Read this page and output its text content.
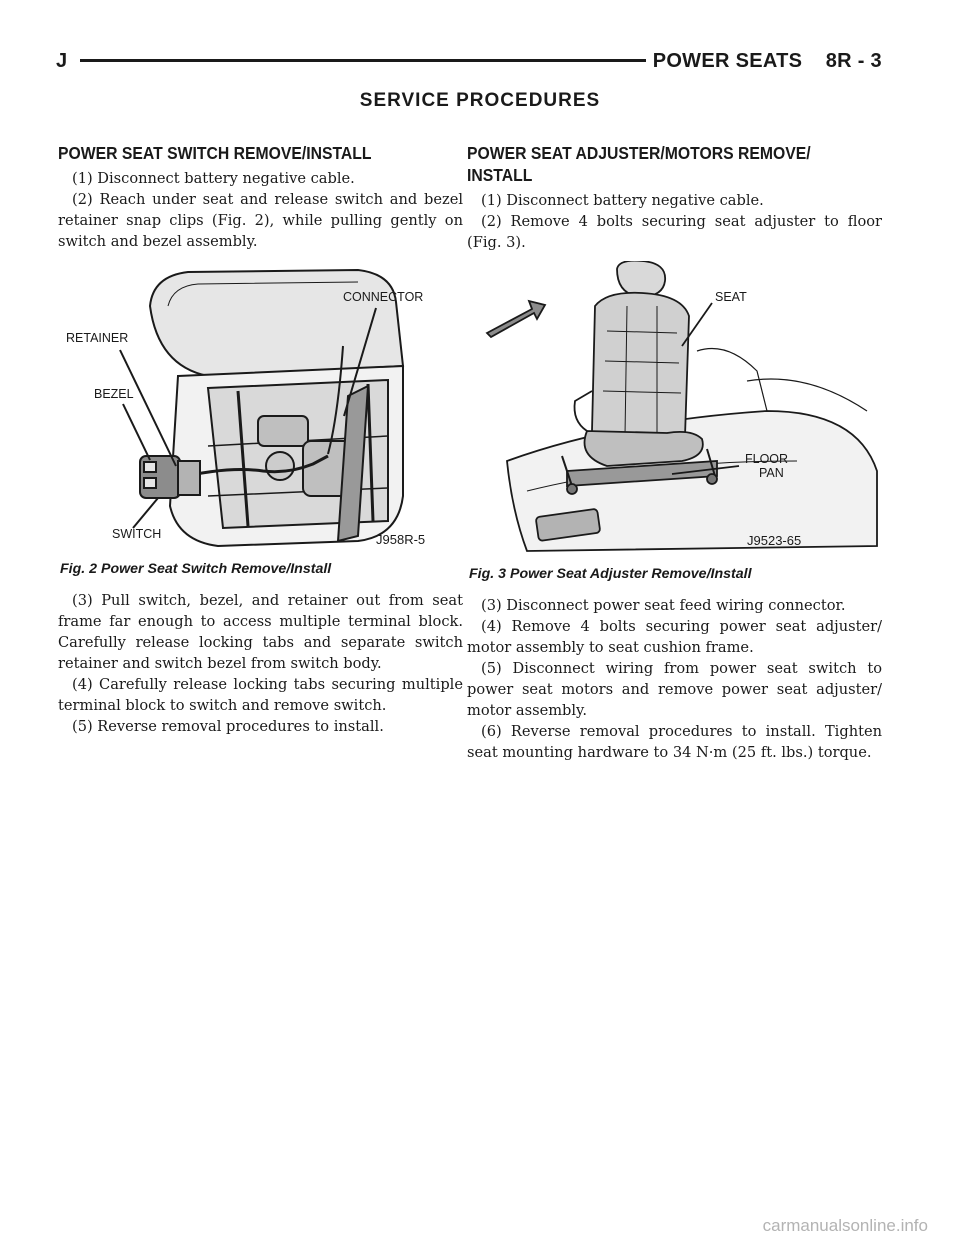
J	POWER SEATS    8R - 3
SERVICE PROCEDURES
POWER SEAT SWITCH REMOVE/INSTALL

(1) Disconnect battery negative cable.

(2) Reach under seat and release switch and bezel retainer snap clips (Fig. 2), while pulling gently on switch and bezel assembly.

CONNECTOR
RETAINER
BEZEL
SWITCH	J958R-5
Fig. 2 Power Seat Switch Remove/Install

(3) Pull switch, bezel, and retainer out from seat frame far enough to access multiple terminal block. Carefully release locking tabs and separate switch retainer and switch bezel from switch body.

(4) Carefully release locking tabs securing multiple terminal block to switch and remove switch.

(5) Reverse removal procedures to install.

POWER SEAT ADJUSTER/MOTORS REMOVE/
INSTALL

(1) Disconnect battery negative cable.

(2) Remove 4 bolts securing seat adjuster to floor (Fig. 3).

FWD
SEAT
FLOOR
PAN
J9523-65
Fig. 3 Power Seat Adjuster Remove/Install

(3) Disconnect power seat feed wiring connector.

(4) Remove 4 bolts securing power seat adjuster/ motor assembly to seat cushion frame.

(5) Disconnect wiring from power seat switch to power seat motors and remove power seat adjuster/ motor assembly.

(6) Reverse removal procedures to install. Tighten seat mounting hardware to 34 N·m (25 ft. lbs.) torque.

carmanualsonline.info
